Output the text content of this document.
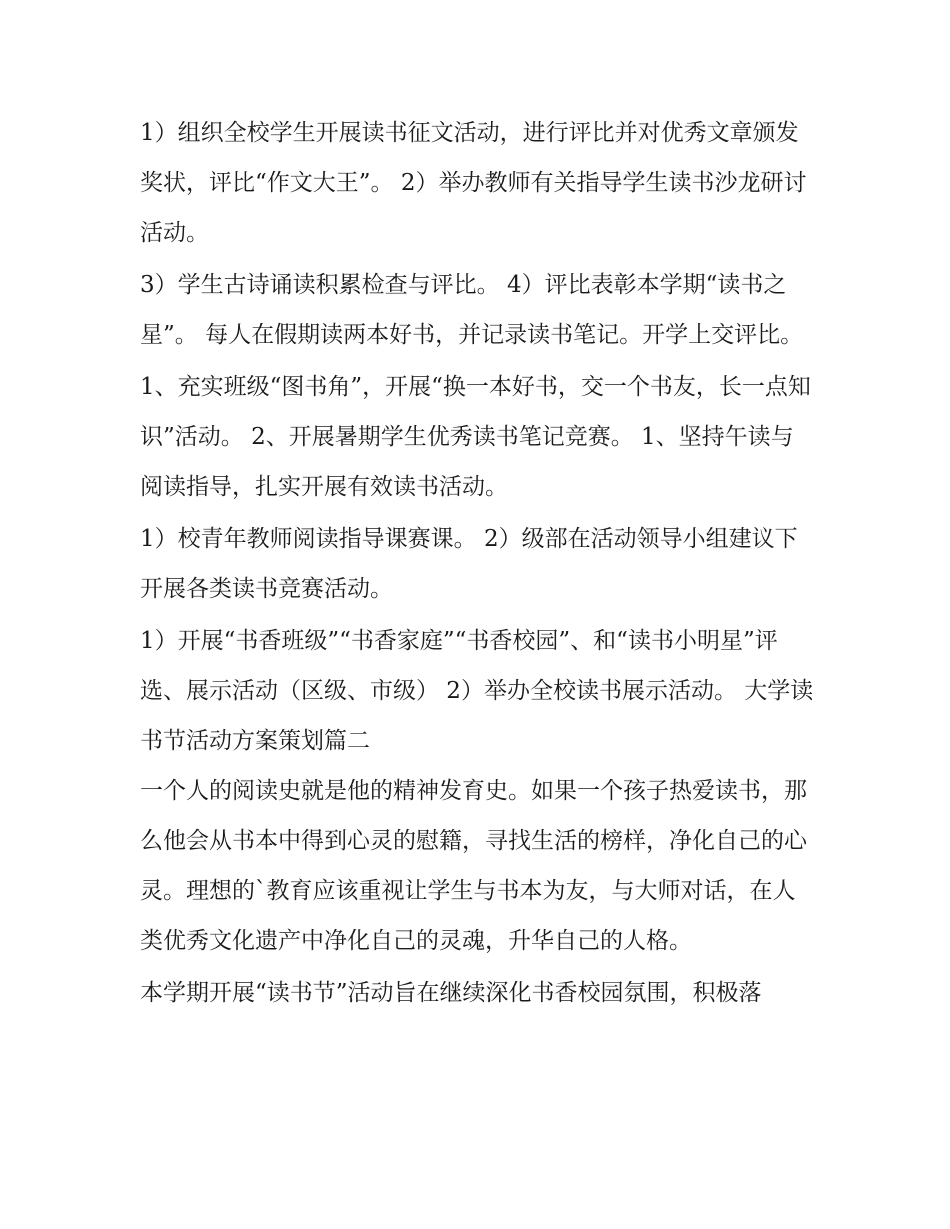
1）组织全校学生开展读书征文活动，进行评比并对优秀文章颁发奖状，评比“作文大王”。 2）举办教师有关指导学生读书沙龙研讨活动。

3）学生古诗诵读积累检查与评比。 4）评比表彰本学期“读书之星”。 每人在假期读两本好书，并记录读书笔记。开学上交评比。

1、充实班级“图书角”，开展“换一本好书，交一个书友，长一点知识”活动。 2、开展暑期学生优秀读书笔记竞赛。 1、坚持午读与阅读指导，扎实开展有效读书活动。

1）校青年教师阅读指导课赛课。 2）级部在活动领导小组建议下开展各类读书竞赛活动。

1）开展“书香班级”“书香家庭”“书香校园”、和“读书小明星”评选、展示活动（区级、市级） 2）举办全校读书展示活动。 大学读书节活动方案策划篇二

一个人的阅读史就是他的精神发育史。如果一个孩子热爱读书，那么他会从书本中得到心灵的慰籍，寻找生活的榜样，净化自己的心灵。理想的`教育应该重视让学生与书本为友，与大师对话，在人类优秀文化遗产中净化自己的灵魂，升华自己的人格。

本学期开展“读书节”活动旨在继续深化书香校园氛围，积极落
